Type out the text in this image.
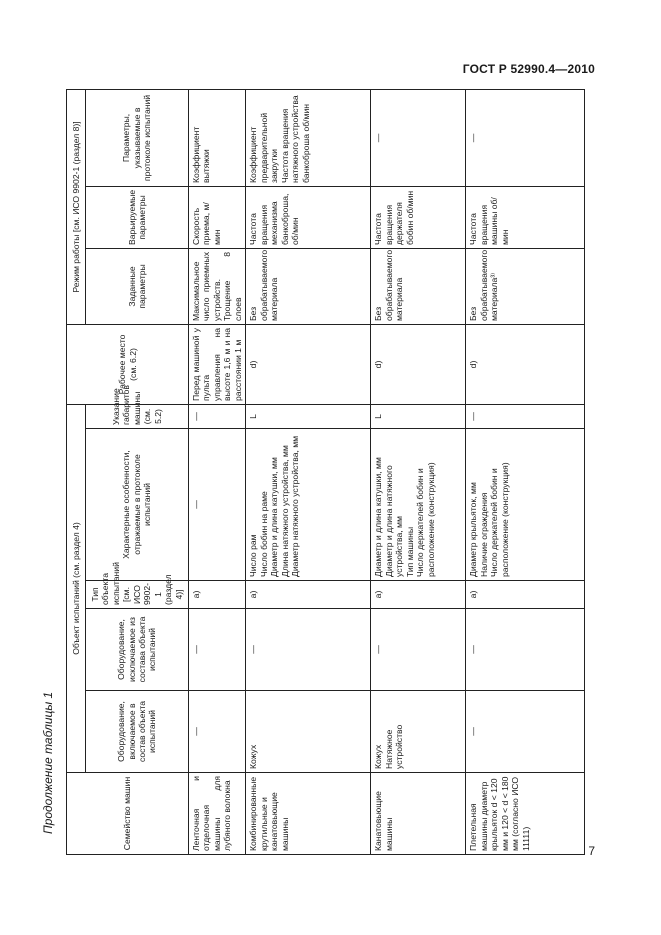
ГОСТ Р 52990.4—2010
Продолжение таблицы 1
7
Семейство машин	Объект испытаний (см. раздел 4)					Рабочее место (см. 6.2)	Режим работы [см. ИСО 9902-1 (раздел 8)]		
	Оборудование, включаемое в состав объекта испытаний	Оборудование, исключаемое из состава объекта испытаний	Тип объекта испытаний [см. ИСО 9902-1 (раздел 4)]	Характерные особенности, отражаемые в протоколе испытаний	Указание габаритов машины (см. 5.2)		Заданные параметры	Варьируемые параметры	Параметры, указываемые в протоколе испытаний
Ленточная и отделочная машины для лубяного волокна	—	—	а)	—	—	Перед машиной у пульта управления на высоте 1,6 м и на расстоянии 1 м	Максимальное число приемных устройств. Трощение 8 слоев	Скорость приема, м/мин	Коэффициент вытяжки
Комбинированные крутильные и канатовьющие машины	Кожух	—	а)	Число рам
Число бобин на раме
Диаметр и длина катушки, мм
Длина натяжного устройства, мм
Диаметр натяжного устройства, мм	L	d)	Без обрабатываемого материала	Частота вращения механизма банкоброша, об/мин	Коэффициент предварительной закрутки
Частота вращения натяжного устройства банкоброша об/мин
Канатовьющие машины	Кожух
Натяжное устройство	—	а)	Диаметр и длина катушки, мм
Диаметр и длина натяжного устройства, мм
Тип машины
Число держателей бобин и расположение (конструкция)	L	d)	Без обрабатываемого материала	Частота вращения держателя бобин об/мин	—
Плетельная машины диаметр крыльяток d < 120 мм и 120 < d < 180 мм (согласно ИСО 11111)	—	—	а)	Диаметр крыльяток, мм
Наличие ограждения
Число держателей бобин и расположение (конструкция)	—	d)	Без обрабатываемого материала³⁾	Частота вращения машины об/мин	—
